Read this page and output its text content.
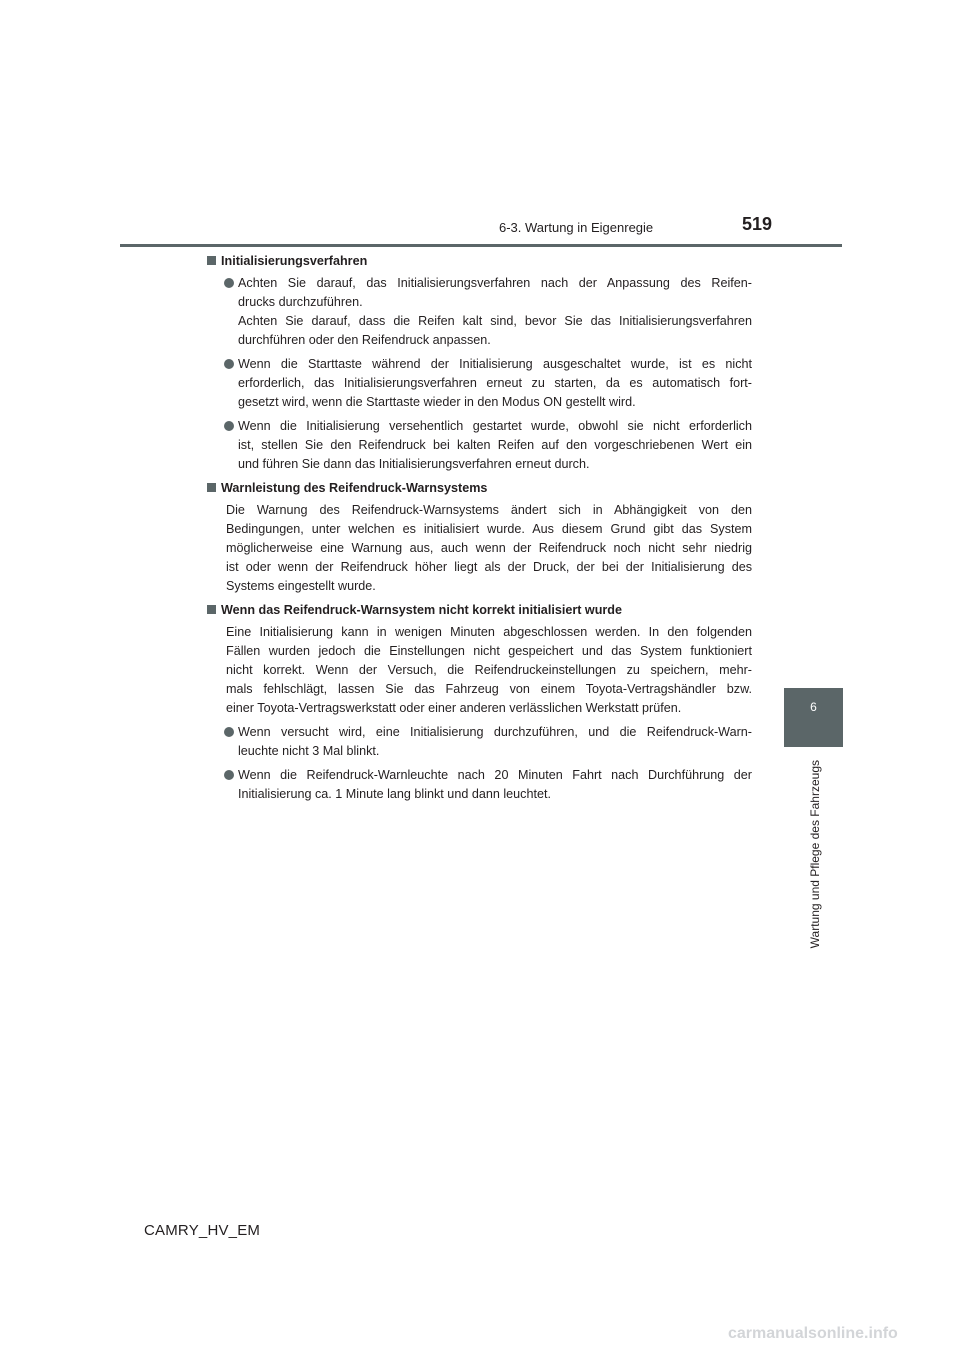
6-3. Wartung in Eigenregie	519
6
Wartung und Pflege des Fahrzeugs
Initialisierungsverfahren

Achten Sie darauf, das Initialisierungsverfahren nach der Anpassung des Reifen-
drucks durchzuführen.
Achten Sie darauf, dass die Reifen kalt sind, bevor Sie das Initialisierungsverfahren
durchführen oder den Reifendruck anpassen.

Wenn die Starttaste während der Initialisierung ausgeschaltet wurde, ist es nicht
erforderlich, das Initialisierungsverfahren erneut zu starten, da es automatisch fort-
gesetzt wird, wenn die Starttaste wieder in den Modus ON gestellt wird.

Wenn die Initialisierung versehentlich gestartet wurde, obwohl sie nicht erforderlich
ist, stellen Sie den Reifendruck bei kalten Reifen auf den vorgeschriebenen Wert ein
und führen Sie dann das Initialisierungsverfahren erneut durch.

Warnleistung des Reifendruck-Warnsystems
Die Warnung des Reifendruck-Warnsystems ändert sich in Abhängigkeit von den
Bedingungen, unter welchen es initialisiert wurde. Aus diesem Grund gibt das System
möglicherweise eine Warnung aus, auch wenn der Reifendruck noch nicht sehr niedrig
ist oder wenn der Reifendruck höher liegt als der Druck, der bei der Initialisierung des
Systems eingestellt wurde.
Wenn das Reifendruck-Warnsystem nicht korrekt initialisiert wurde
Eine Initialisierung kann in wenigen Minuten abgeschlossen werden. In den folgenden
Fällen wurden jedoch die Einstellungen nicht gespeichert und das System funktioniert
nicht korrekt. Wenn der Versuch, die Reifendruckeinstellungen zu speichern, mehr-
mals fehlschlägt, lassen Sie das Fahrzeug von einem Toyota-Vertragshändler bzw.
einer Toyota-Vertragswerkstatt oder einer anderen verlässlichen Werkstatt prüfen.

Wenn versucht wird, eine Initialisierung durchzuführen, und die Reifendruck-Warn-
leuchte nicht 3 Mal blinkt.

Wenn die Reifendruck-Warnleuchte nach 20 Minuten Fahrt nach Durchführung der
Initialisierung ca. 1 Minute lang blinkt und dann leuchtet.

CAMRY_HV_EM
carmanualsonline.info
